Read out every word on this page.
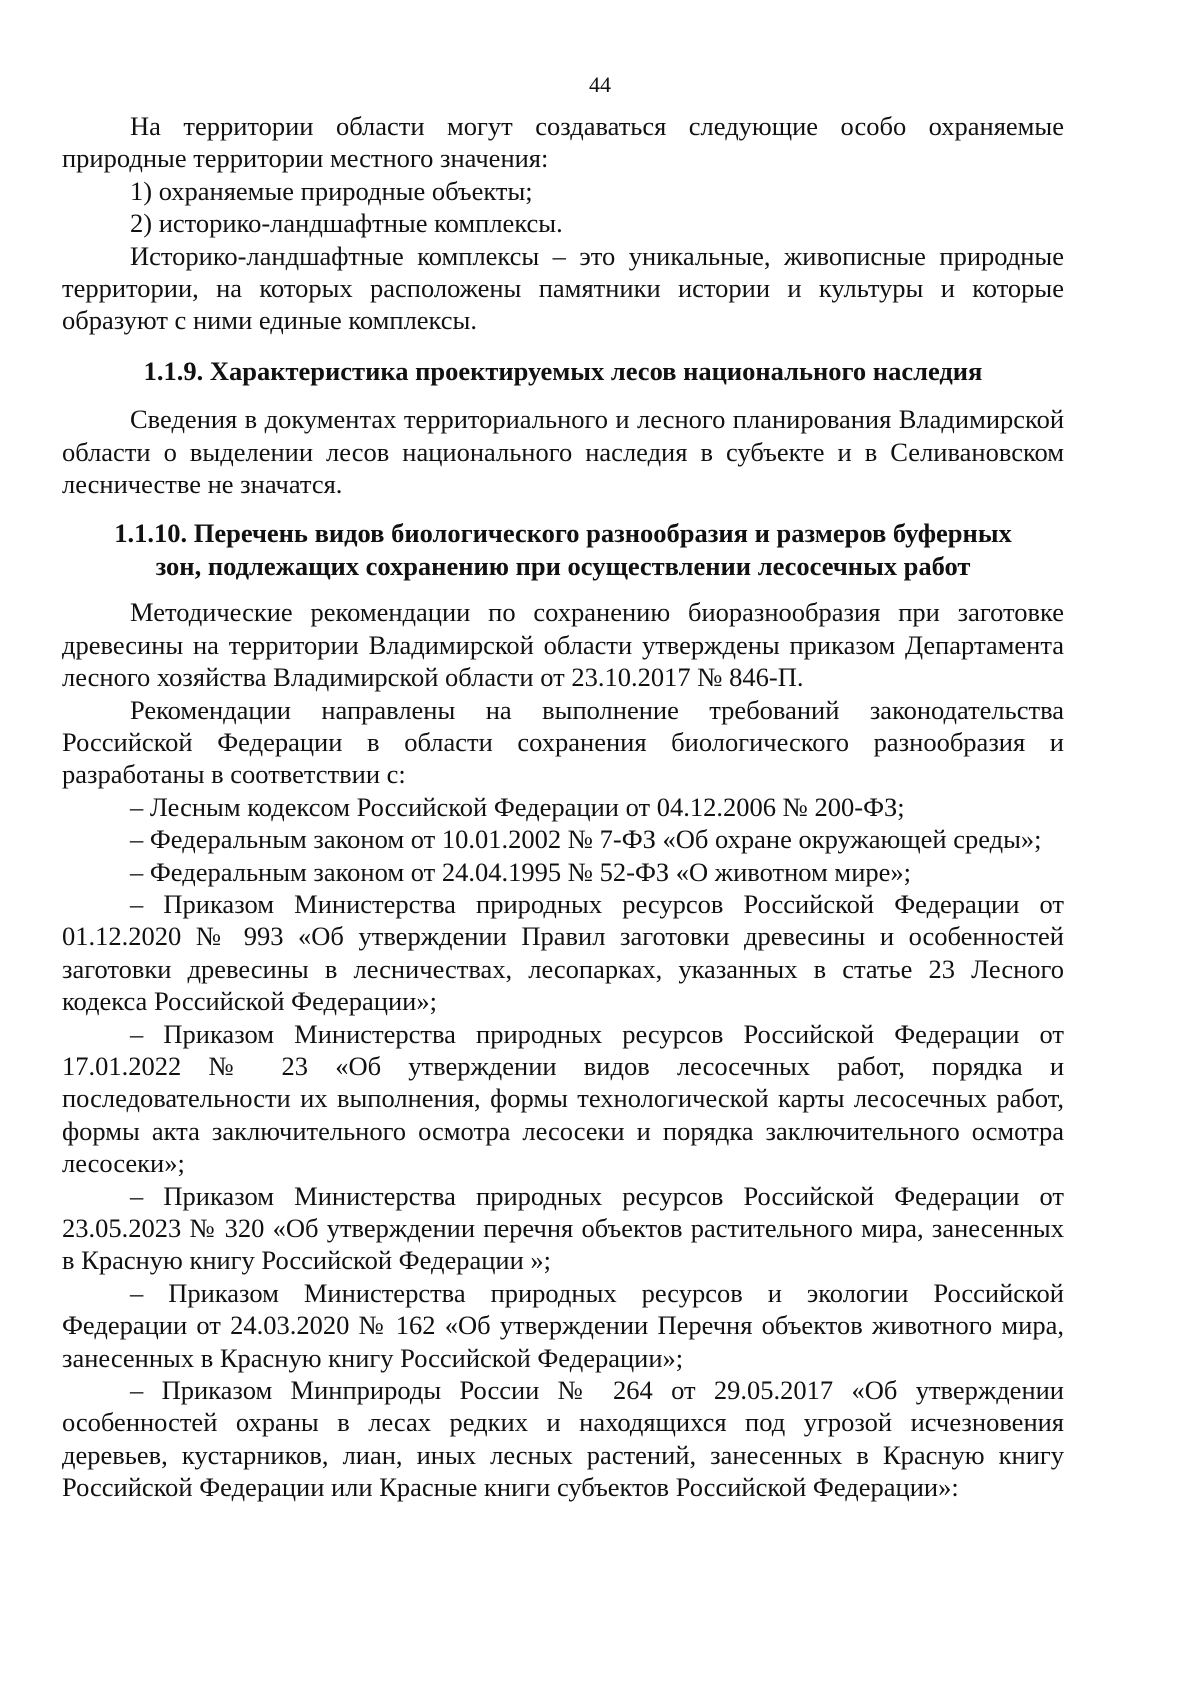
44

На территории области могут создаваться следующие особо охраняемые природные территории местного значения:

1) охраняемые природные объекты;

2) историко-ландшафтные комплексы.

Историко-ландшафтные комплексы – это уникальные, живописные природные территории, на которых расположены памятники истории и культуры и которые образуют с ними единые комплексы.

1.1.9. Характеристика проектируемых лесов национального наследия

Сведения в документах территориального и лесного планирования Владимирской области о выделении лесов национального наследия в субъекте и в Селивановском лесничестве не значатся.

1.1.10. Перечень видов биологического разнообразия и размеров буферных
зон, подлежащих сохранению при осуществлении лесосечных работ

Методические рекомендации по сохранению биоразнообразия при заготовке древесины на территории Владимирской области утверждены приказом Департамента лесного хозяйства Владимирской области от 23.10.2017 № 846-П.

Рекомендации направлены на выполнение требований законодательства Российской Федерации в области сохранения биологического разнообразия и разработаны в соответствии с:

– Лесным кодексом Российской Федерации от 04.12.2006 № 200-ФЗ;

– Федеральным законом от 10.01.2002 № 7-ФЗ «Об охране окружающей среды»;

– Федеральным законом от 24.04.1995 № 52-ФЗ «О животном мире»;

– Приказом Министерства природных ресурсов Российской Федерации от 01.12.2020 № 993 «Об утверждении Правил заготовки древесины и особенностей заготовки древесины в лесничествах, лесопарках, указанных в статье 23 Лесного кодекса Российской Федерации»;

– Приказом Министерства природных ресурсов Российской Федерации от 17.01.2022 № 23 «Об утверждении видов лесосечных работ, порядка и последовательности их выполнения, формы технологической карты лесосечных работ, формы акта заключительного осмотра лесосеки и порядка заключительного осмотра лесосеки»;

– Приказом Министерства природных ресурсов Российской Федерации от 23.05.2023 № 320 «Об утверждении перечня объектов растительного мира, занесенных в Красную книгу Российской Федерации »;

– Приказом Министерства природных ресурсов и экологии Российской Федерации от 24.03.2020 № 162 «Об утверждении Перечня объектов животного мира, занесенных в Красную книгу Российской Федерации»;

– Приказом Минприроды России № 264 от 29.05.2017 «Об утверждении особенностей охраны в лесах редких и находящихся под угрозой исчезновения деревьев, кустарников, лиан, иных лесных растений, занесенных в Красную книгу Российской Федерации или Красные книги субъектов Российской Федерации»:
